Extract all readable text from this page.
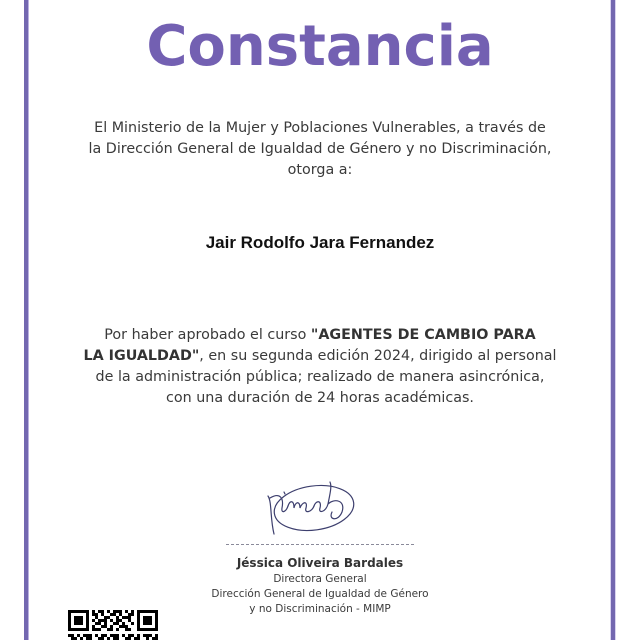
Constancia
El Ministerio de la Mujer y Poblaciones Vulnerables, a través de
la Dirección General de Igualdad de Género y no Discriminación,
otorga a:
Jair Rodolfo Jara Fernandez
Por haber aprobado el curso "AGENTES DE CAMBIO PARA
LA IGUALDAD", en su segunda edición 2024, dirigido al personal
de la administración pública; realizado de manera asincrónica,
con una duración de 24 horas académicas.
Jéssica Oliveira Bardales
Directora General
Dirección General de Igualdad de Género
y no Discriminación - MIMP
